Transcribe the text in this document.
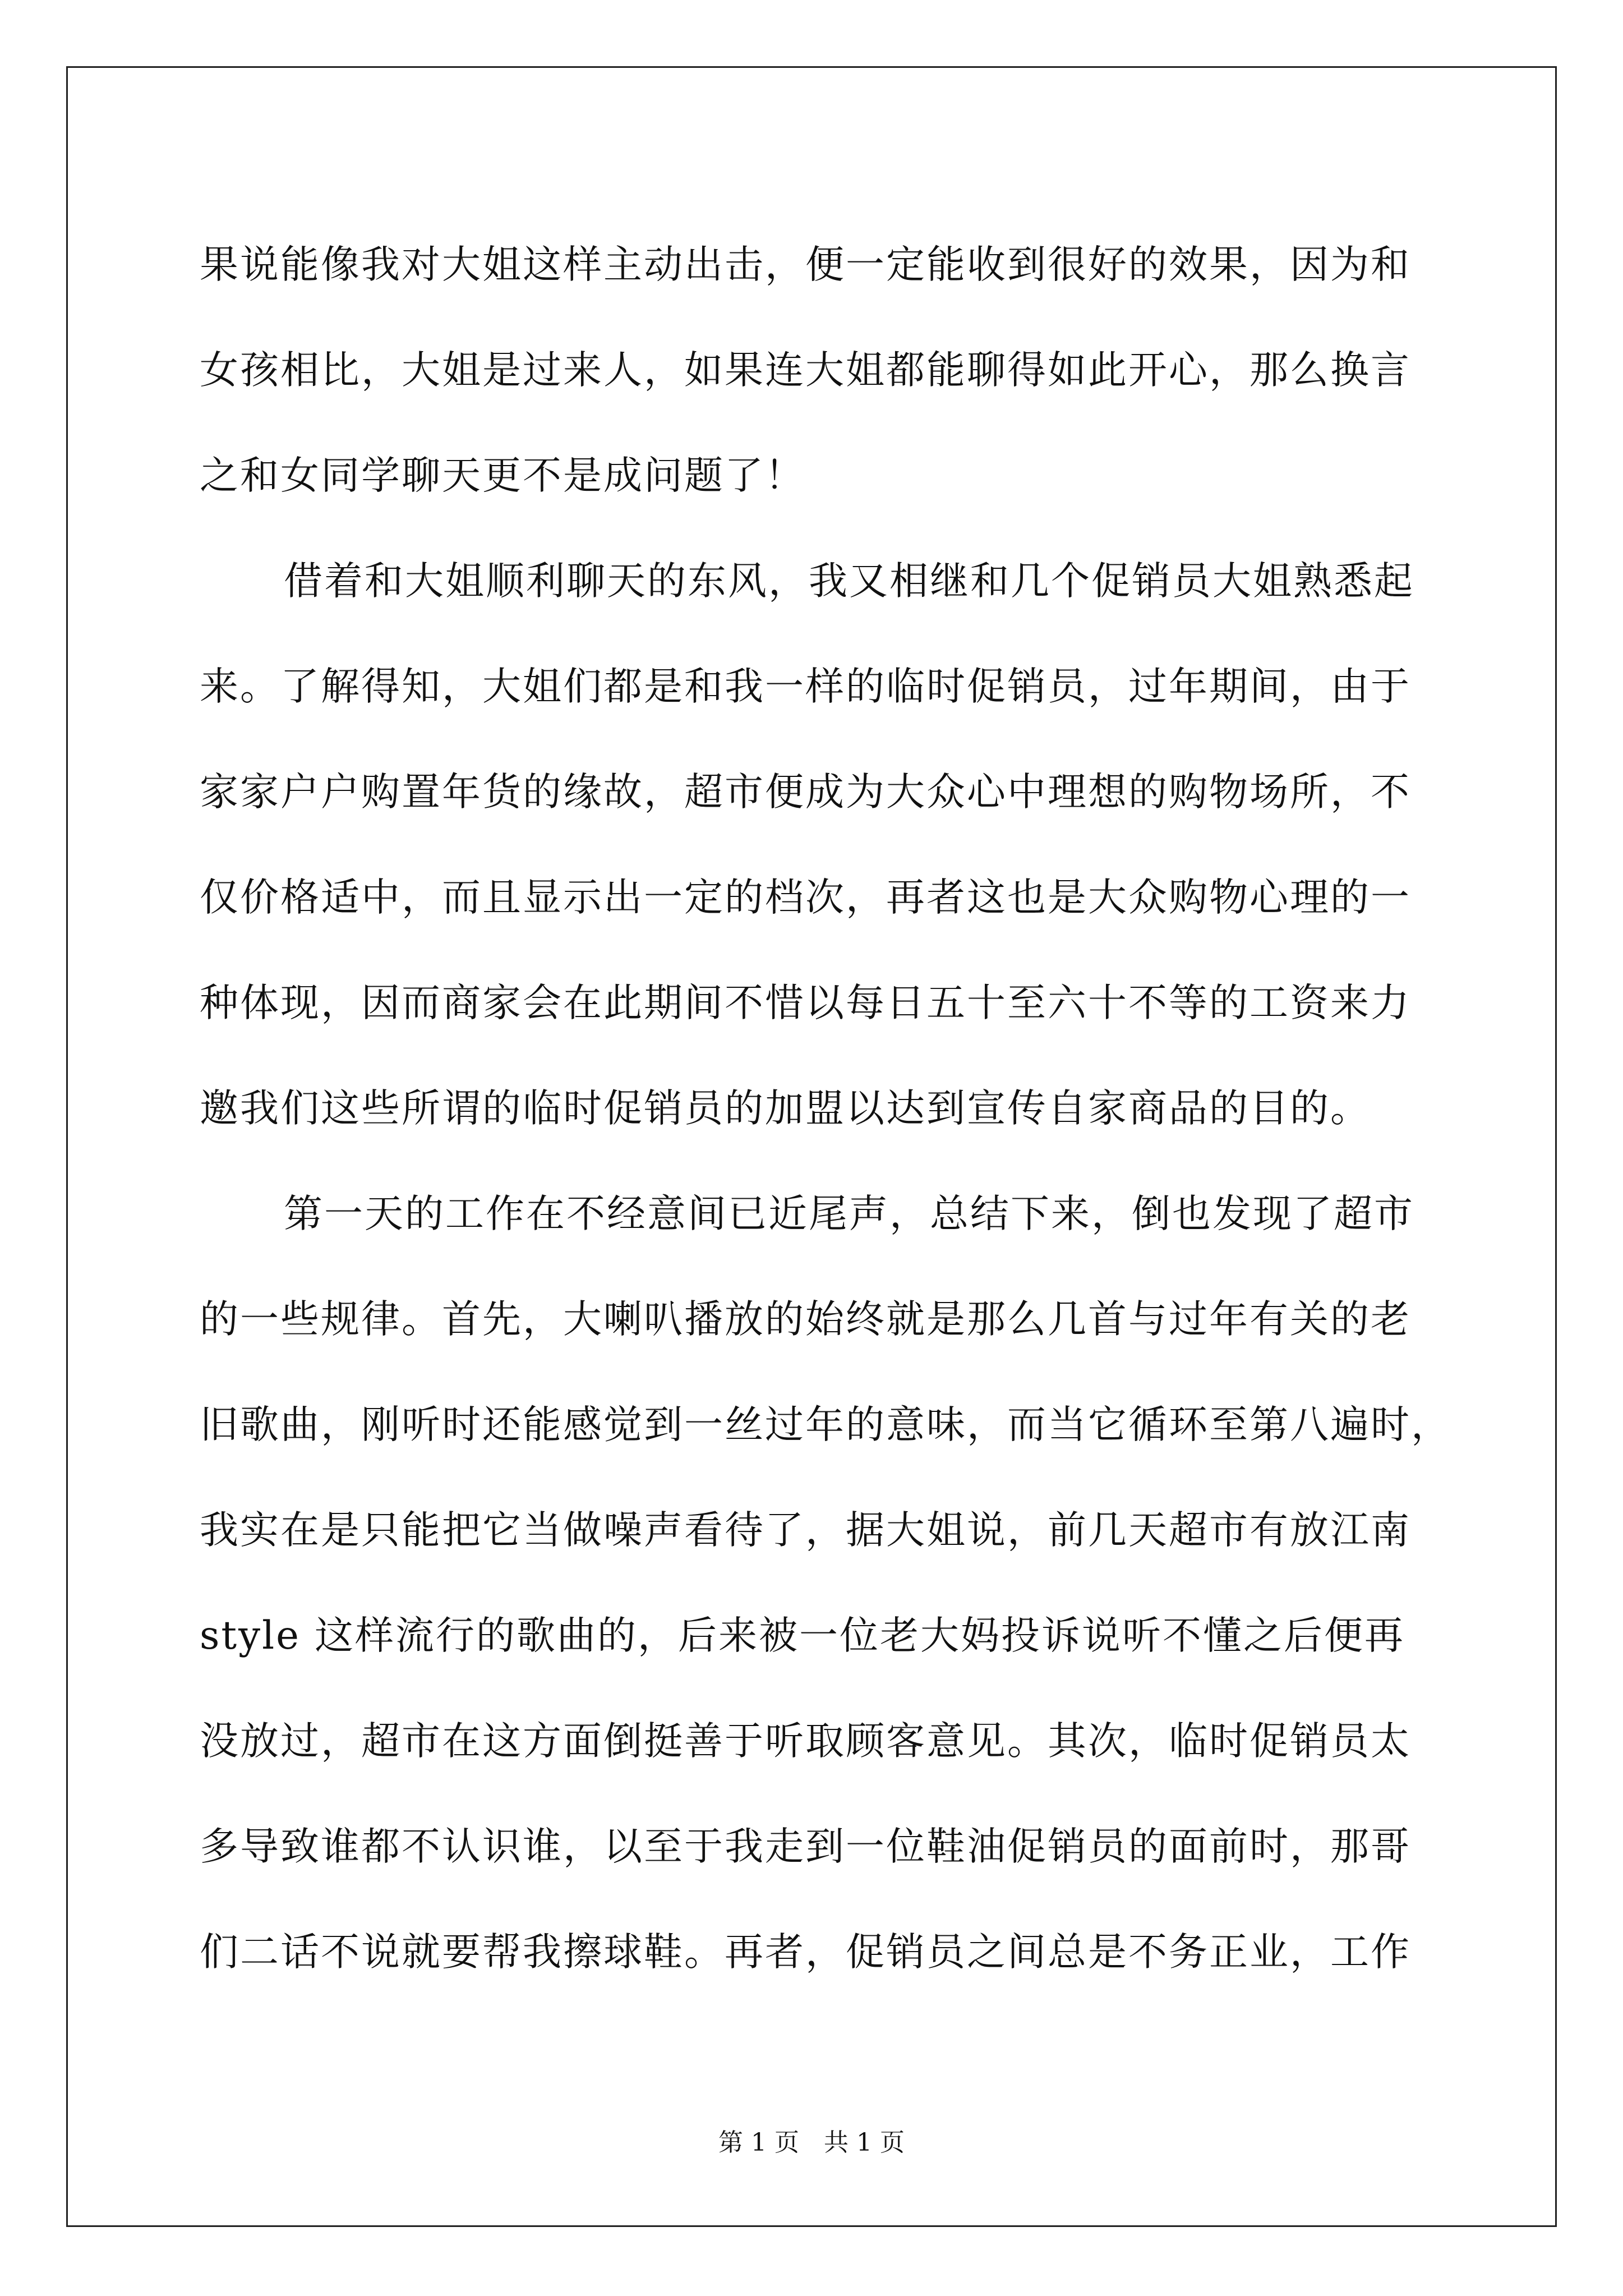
果说能像我对大姐这样主动出击，便一定能收到很好的效果，因为和
女孩相比，大姐是过来人，如果连大姐都能聊得如此开心，那么换言
之和女同学聊天更不是成问题了！
借着和大姐顺利聊天的东风，我又相继和几个促销员大姐熟悉起
来。了解得知，大姐们都是和我一样的临时促销员，过年期间，由于
家家户户购置年货的缘故，超市便成为大众心中理想的购物场所，不
仅价格适中，而且显示出一定的档次，再者这也是大众购物心理的一
种体现，因而商家会在此期间不惜以每日五十至六十不等的工资来力
邀我们这些所谓的临时促销员的加盟以达到宣传自家商品的目的。
第一天的工作在不经意间已近尾声，总结下来，倒也发现了超市
的一些规律。首先，大喇叭播放的始终就是那么几首与过年有关的老
旧歌曲，刚听时还能感觉到一丝过年的意味，而当它循环至第八遍时，
我实在是只能把它当做噪声看待了，据大姐说，前几天超市有放江南
style 这样流行的歌曲的，后来被一位老大妈投诉说听不懂之后便再
没放过，超市在这方面倒挺善于听取顾客意见。其次，临时促销员太
多导致谁都不认识谁，以至于我走到一位鞋油促销员的面前时，那哥
们二话不说就要帮我擦球鞋。再者，促销员之间总是不务正业，工作
第 1 页　共 1 页
